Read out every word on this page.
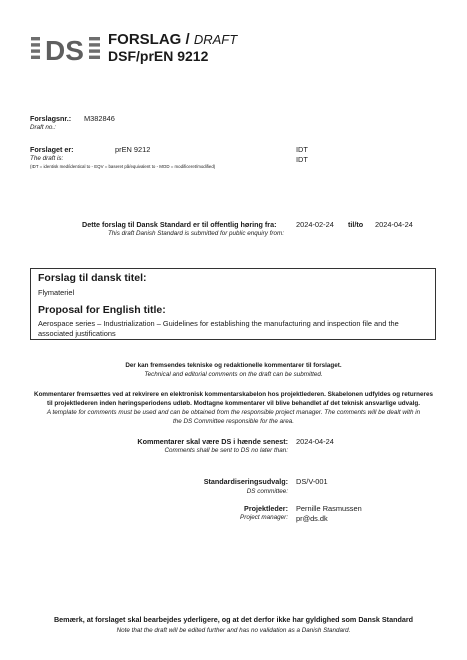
DS FORSLAG / DRAFT
DSF/prEN 9212
Forslagsnr.:
Draft no.:
M382846
Forslaget er:
The draft is:
(IDT = identisk med/identical to - EQV = baseret på/equivalent to - MOD = modificeret/modified)
prEN 9212	IDT
IDT
Dette forslag til Dansk Standard er til offentlig høring fra:
This draft Danish Standard is submitted for public enquiry from:
2024-02-24 til/to 2024-04-24
Forslag til dansk titel:
Flymateriel
Proposal for English title:
Aerospace series – Industrialization – Guidelines for establishing the manufacturing and inspection file and the associated justifications
Der kan fremsendes tekniske og redaktionelle kommentarer til forslaget.
Technical and editorial comments on the draft can be submitted.
Kommentarer fremsættes ved at rekvirere en elektronisk kommentarskabelon hos projektlederen. Skabelonen udfyldes og returneres
til projektlederen inden høringsperiodens udløb. Modtagne kommentarer vil blive behandlet af det teknisk ansvarlige udvalg.
A template for comments must be used and can be obtained from the responsible project manager. The comments will be dealt with in
the DS Committee responsible for the area.
Kommentarer skal være DS i hænde senest:
Comments shall be sent to DS no later than:
2024-04-24
Standardiseringsudvalg:
DS committee:
DS/V-001
Projektleder:
Project manager:
Pernille Rasmussen
pr@ds.dk
Bemærk, at forslaget skal bearbejdes yderligere, og at det derfor ikke har gyldighed som Dansk Standard
Note that the draft will be edited further and has no validation as a Danish Standard.
